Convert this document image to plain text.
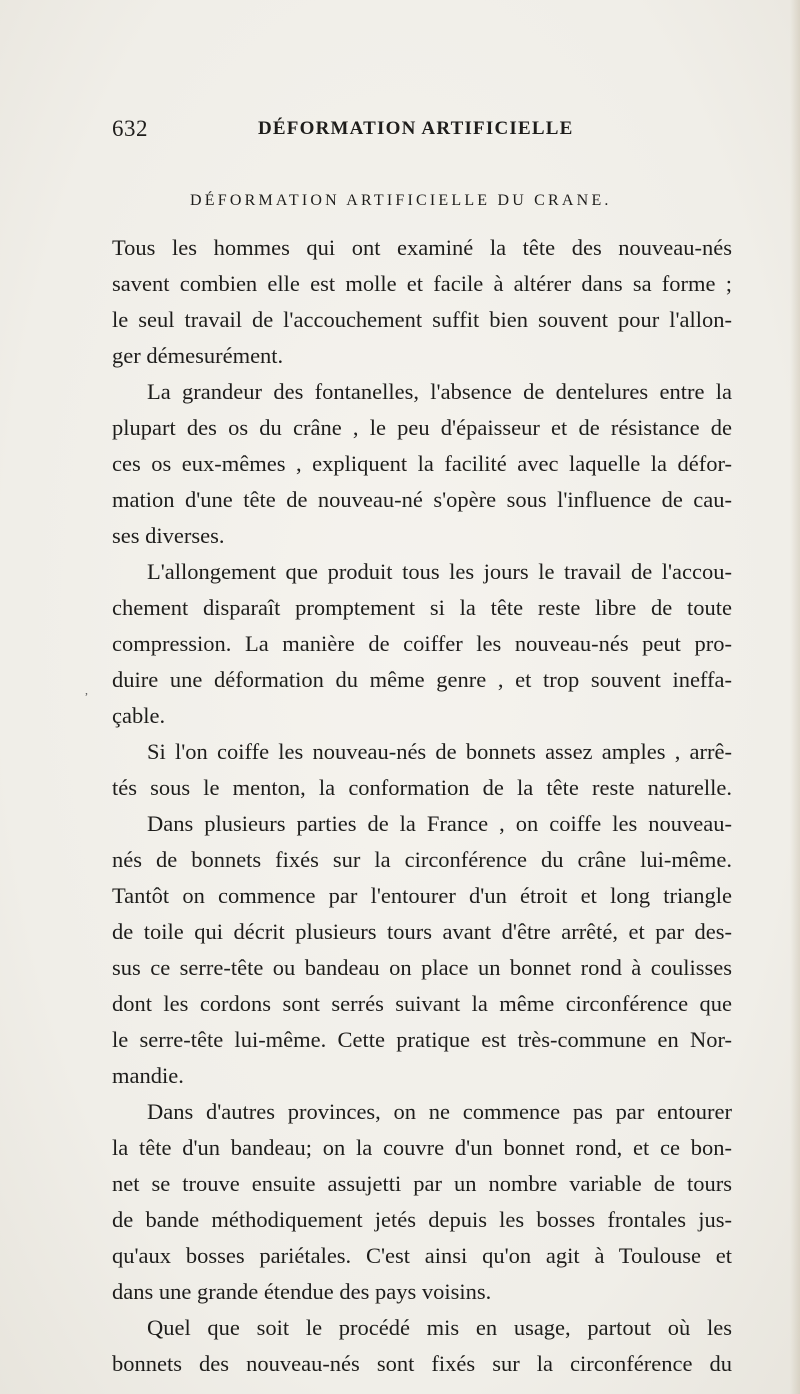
632	DÉFORMATION ARTIFICIELLE
DÉFORMATION ARTIFICIELLE DU CRANE.
,
Tous les hommes qui ont examiné la tête des nouveau-nés
savent combien elle est molle et facile à altérer dans sa forme ;
le seul travail de l'accouchement suffit bien souvent pour l'allon-
ger démesurément.
La grandeur des fontanelles, l'absence de dentelures entre la
plupart des os du crâne , le peu d'épaisseur et de résistance de
ces os eux-mêmes , expliquent la facilité avec laquelle la défor-
mation d'une tête de nouveau-né s'opère sous l'influence de cau-
ses diverses.
L'allongement que produit tous les jours le travail de l'accou-
chement disparaît promptement si la tête reste libre de toute
compression. La manière de coiffer les nouveau-nés peut pro-
duire une déformation du même genre , et trop souvent ineffa-
çable.
Si l'on coiffe les nouveau-nés de bonnets assez amples , arrê-
tés sous le menton, la conformation de la tête reste naturelle.
Dans plusieurs parties de la France , on coiffe les nouveau-
nés de bonnets fixés sur la circonférence du crâne lui-même.
Tantôt on commence par l'entourer d'un étroit et long triangle
de toile qui décrit plusieurs tours avant d'être arrêté, et par des-
sus ce serre-tête ou bandeau on place un bonnet rond à coulisses
dont les cordons sont serrés suivant la même circonférence que
le serre-tête lui-même. Cette pratique est très-commune en Nor-
mandie.
Dans d'autres provinces, on ne commence pas par entourer
la tête d'un bandeau; on la couvre d'un bonnet rond, et ce bon-
net se trouve ensuite assujetti par un nombre variable de tours
de bande méthodiquement jetés depuis les bosses frontales jus-
qu'aux bosses pariétales. C'est ainsi qu'on agit à Toulouse et
dans une grande étendue des pays voisins.
Quel que soit le procédé mis en usage, partout où les
bonnets des nouveau-nés sont fixés sur la circonférence du
